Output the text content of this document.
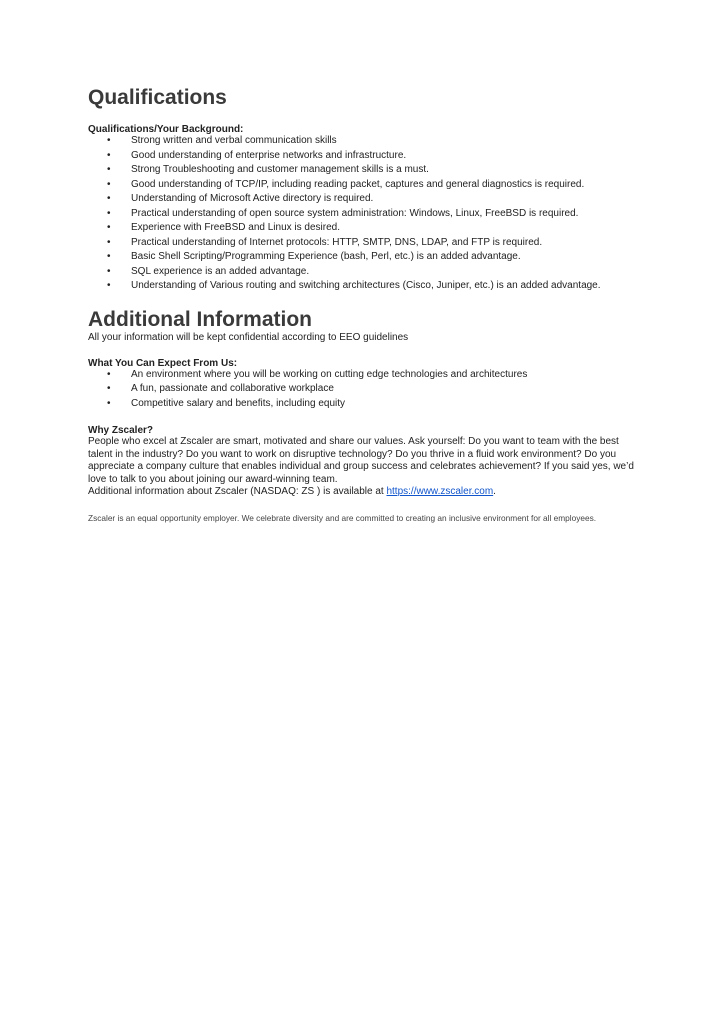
Qualifications

Qualifications/Your Background:

• Strong written and verbal communication skills
• Good understanding of enterprise networks and infrastructure.
• Strong Troubleshooting and customer management skills is a must.
• Good understanding of TCP/IP, including reading packet, captures and general diagnostics is required.
• Understanding of Microsoft Active directory is required.
• Practical understanding of open source system administration: Windows, Linux, FreeBSD is required.
• Experience with FreeBSD and Linux is desired.
• Practical understanding of Internet protocols: HTTP, SMTP, DNS, LDAP, and FTP is required.
• Basic Shell Scripting/Programming Experience (bash, Perl, etc.) is an added advantage.
• SQL experience is an added advantage.
• Understanding of Various routing and switching architectures (Cisco, Juniper, etc.) is an added advantage.
Additional Information

All your information will be kept confidential according to EEO guidelines

What You Can Expect From Us:

• An environment where you will be working on cutting edge technologies and architectures
• A fun, passionate and collaborative workplace
• Competitive salary and benefits, including equity

Why Zscaler?

People who excel at Zscaler are smart, motivated and share our values. Ask yourself: Do you want to team with the best talent in the industry? Do you want to work on disruptive technology? Do you thrive in a fluid work environment? Do you appreciate a company culture that enables individual and group success and celebrates achievement? If you said yes, we’d love to talk to you about joining our award-winning team.

Additional information about Zscaler (NASDAQ: ZS ) is available at https://www.zscaler.com.

Zscaler is an equal opportunity employer. We celebrate diversity and are committed to creating an inclusive environment for all employees.
